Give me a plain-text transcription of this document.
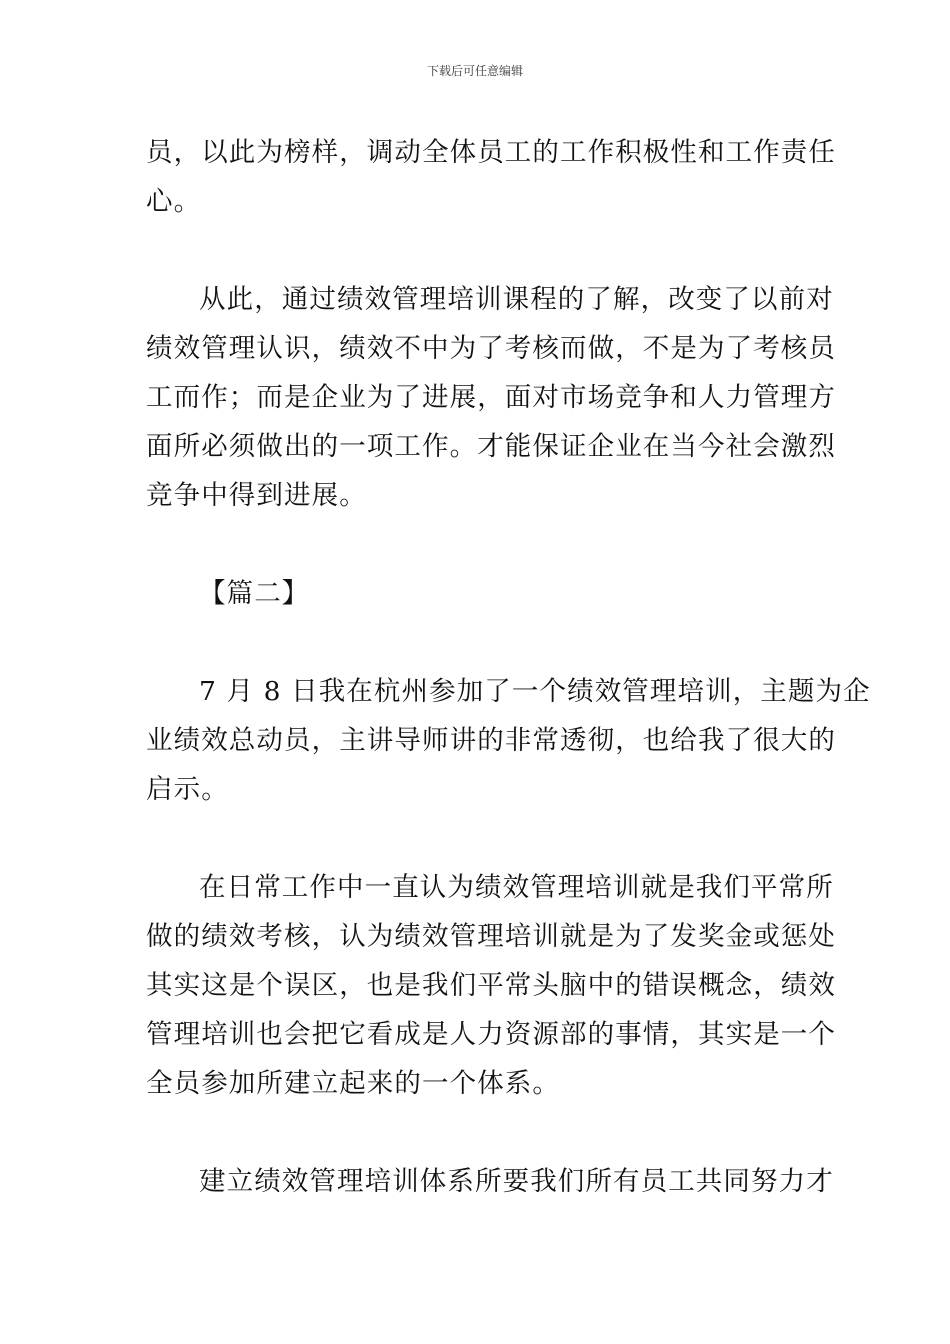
下载后可任意编辑
员，以此为榜样，调动全体员工的工作积极性和工作责任
心。
从此，通过绩效管理培训课程的了解，改变了以前对
绩效管理认识，绩效不中为了考核而做，不是为了考核员
工而作；而是企业为了进展，面对市场竞争和人力管理方
面所必须做出的一项工作。才能保证企业在当今社会激烈
竞争中得到进展。
【篇二】
7 月 8 日我在杭州参加了一个绩效管理培训，主题为企
业绩效总动员，主讲导师讲的非常透彻，也给我了很大的
启示。
在日常工作中一直认为绩效管理培训就是我们平常所
做的绩效考核，认为绩效管理培训就是为了发奖金或惩处
其实这是个误区，也是我们平常头脑中的错误概念，绩效
管理培训也会把它看成是人力资源部的事情，其实是一个
全员参加所建立起来的一个体系。
建立绩效管理培训体系所要我们所有员工共同努力才
